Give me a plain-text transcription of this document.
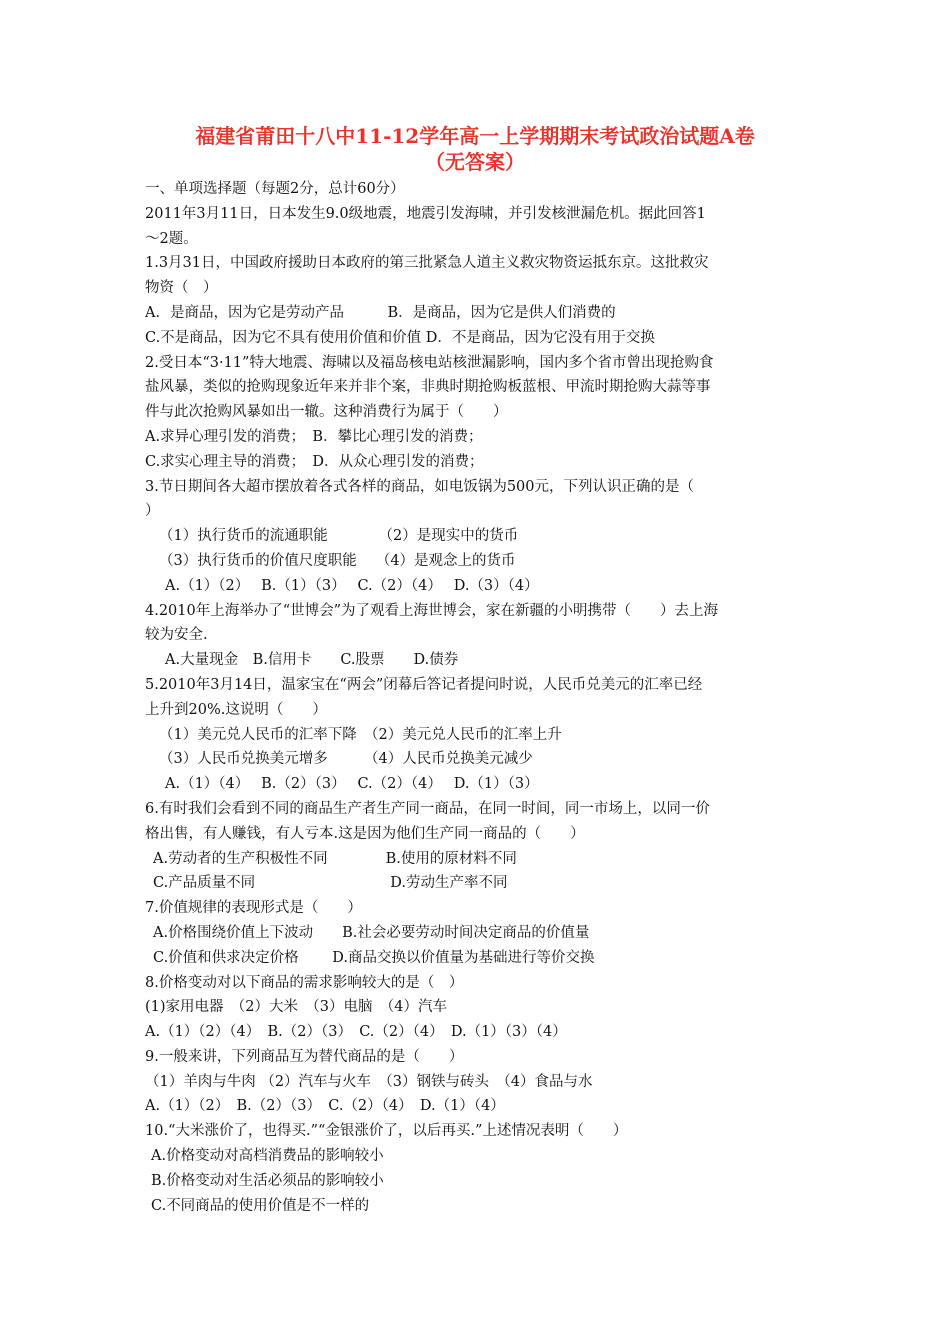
福建省莆田十八中11-12学年高一上学期期末考试政治试题A卷
（无答案）
一、单项选择题（每题2分，总计60分）
2011年3月11日，日本发生9.0级地震，地震引发海啸，并引发核泄漏危机。据此回答1
～2题。
1.3月31日，中国政府援助日本政府的第三批紧急人道主义救灾物资运抵东京。这批救灾
物资（　）
A．是商品，因为它是劳动产品　　　B．是商品，因为它是供人们消费的
C.不是商品，因为它不具有使用价值和价值 D．不是商品，因为它没有用于交换
2.受日本“3·11”特大地震、海啸以及福岛核电站核泄漏影响，国内多个省市曾出现抢购食
盐风暴，类似的抢购现象近年来并非个案，非典时期抢购板蓝根、甲流时期抢购大蒜等事
件与此次抢购风暴如出一辙。这种消费行为属于（　　）
A.求异心理引发的消费；　B．攀比心理引发的消费；
C.求实心理主导的消费；　D．从众心理引发的消费；
3.节日期间各大超市摆放着各式各样的商品，如电饭锅为500元，下列认识正确的是（
）
（1）执行货币的流通职能　　　　（2）是现实中的货币
（3）执行货币的价值尺度职能　 （4）是观念上的货币
A.（1）（2）　 B.（1）（3）　 C.（2）（4）　 D.（3）（4）
4.2010年上海举办了“世博会”为了观看上海世博会，家在新疆的小明携带（　　）去上海
较为安全.
A.大量现金　B.信用卡　　C.股票　　D.债券
5.2010年3月14日，温家宝在“两会”闭幕后答记者提问时说，人民币兑美元的汇率已经
上升到20%.这说明（　　）
（1）美元兑人民币的汇率下降　（2）美元兑人民币的汇率上升
（3）人民币兑换美元增多　　　（4）人民币兑换美元减少
A.（1）（4）　 B.（2）（3）　 C.（2）（4）　 D.（1）（3）
6.有时我们会看到不同的商品生产者生产同一商品，在同一时间，同一市场上，以同一价
格出售，有人赚钱，有人亏本.这是因为他们生产同一商品的（　　）
A.劳动者的生产积极性不同　　　　B.使用的原材料不同
C.产品质量不同　　　　　　　　　 D.劳动生产率不同
7.价值规律的表现形式是（　　）
A.价格围绕价值上下波动　　B.社会必要劳动时间决定商品的价值量
C.价值和供求决定价格　　 D.商品交换以价值量为基础进行等价交换
8.价格变动对以下商品的需求影响较大的是（　）
(1)家用电器　（2）大米　（3）电脑　（4）汽车
A.（1）（2）（4）　B.（2）（3）　C.（2）（4）　D.（1）（3）（4）
9.一般来讲，下列商品互为替代商品的是（　　）
（1）羊肉与牛肉 （2）汽车与火车　（3）钢铁与砖头　（4）食品与水
A.（1）（2）　B.（2）（3）　C.（2）（4）　D.（1）（4）
10.“大米涨价了，也得买.”“金银涨价了，以后再买.”上述情况表明（　　）
A.价格变动对高档消费品的影响较小
B.价格变动对生活必须品的影响较小
C.不同商品的使用价值是不一样的
